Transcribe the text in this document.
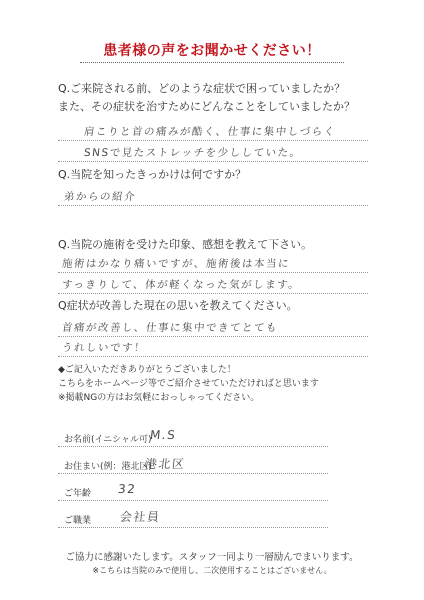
患者様の声をお聞かせください！
Q.ご来院される前、どのような症状で困っていましたか？
また、その症状を治すためにどんなことをしていましたか？
肩こりと首の痛みが酷く、仕事に集中しづらく
SNSで見たストレッチを少ししていた。
Q.当院を知ったきっかけは何ですか？
弟からの紹介
Q.当院の施術を受けた印象、感想を教えて下さい。
施術はかなり痛いですが、施術後は本当に
すっきりして、体が軽くなった気がします。
Q症状が改善した現在の思いを教えてください。
首痛が改善し、仕事に集中できてとても
うれしいです！
◆ご記入いただきありがとうございました！
こちらをホームページ等でご紹介させていただければと思います
※掲載NGの方はお気軽におっしゃってください。
お名前(イニシャル可)
M.S
お住まい(例：港北区)
港北区
ご年齢 32
ご職業 会社員
ご協力に感謝いたします。スタッフ一同より一層励んでまいります。
※こちらは当院のみで使用し、二次使用することはございません。
